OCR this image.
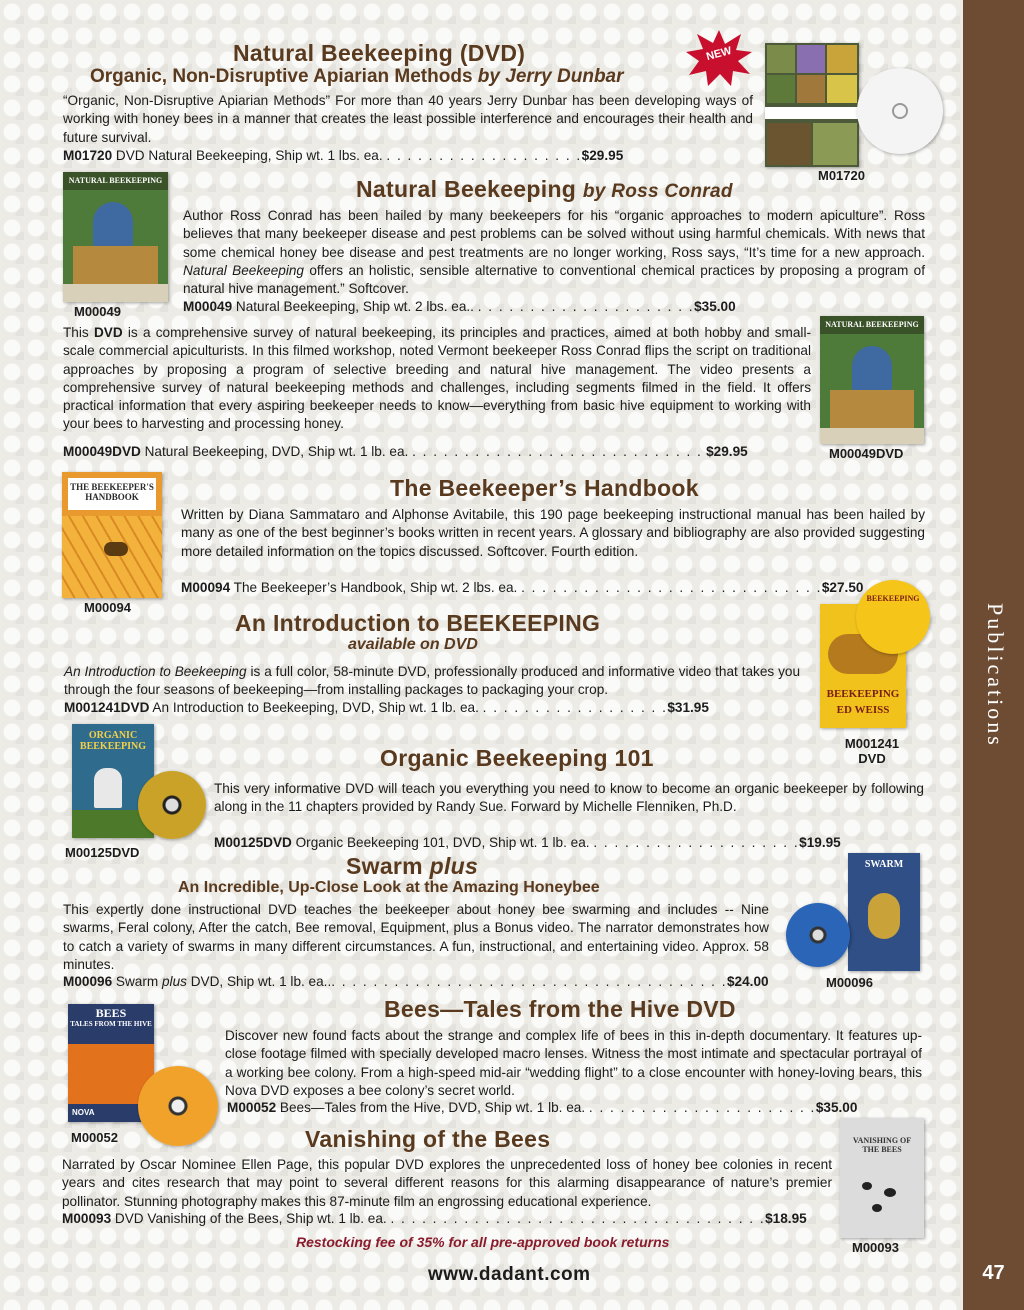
Publications
47
Natural Beekeeping (DVD)
Organic, Non-Disruptive Apiarian Methods by Jerry Dunbar
NEW
“Organic, Non-Disruptive Apiarian Methods” For more than 40 years Jerry Dunbar has been developing ways of working with honey bees in a manner that creates the least possible interference and encourages their health and future survival.
M01720 DVD Natural Beekeeping, Ship wt. 1 lbs. ea. . . . . . . . . . . . . . . . . . . .$29.95
M01720
NATURAL BEEKEEPING
M00049
Natural Beekeeping by Ross Conrad
Author Ross Conrad has been hailed by many beekeepers for his “organic approaches to modern apiculture”. Ross believes that many beekeeper disease and pest problems can be solved without using harmful chemicals. With news that some chemical honey bee disease and pest treatments are no longer working, Ross says, “It’s time for a new approach. Natural Beekeeping offers an holistic, sensible alternative to conventional chemical practices by proposing a program of natural hive management.” Softcover.
M00049 Natural Beekeeping, Ship wt. 2 lbs. ea.. . . . . . . . . . . . . . . . . . . . . .$35.00
This DVD is a comprehensive survey of natural beekeeping, its principles and practices, aimed at both hobby and small-scale commercial apiculturists. In this filmed workshop, noted Vermont beekeeper Ross Conrad flips the script on traditional approaches by proposing a program of selective breeding and natural hive management. The video presents a comprehensive survey of natural beekeeping methods and challenges, including segments filmed in the field. It offers practical information that every aspiring beekeeper needs to know—everything from basic hive equipment to working with your bees to harvesting and processing honey.
M00049DVD Natural Beekeeping, DVD, Ship wt. 1 lb. ea. . . . . . . . . . . . . . . . . . . . . . . . . . . . . $29.95
NATURAL BEEKEEPING
M00049DVD
THE BEEKEEPER'S HANDBOOK
M00094
The Beekeeper’s Handbook
Written by Diana Sammataro and Alphonse Avitabile, this 190 page beekeeping instructional manual has been hailed by many as one of the best beginner’s books written in recent years. A glossary and bibliography are also provided suggesting more detailed information on the topics discussed. Softcover. Fourth edition.
M00094 The Beekeeper’s Handbook, Ship wt. 2 lbs. ea. . . . . . . . . . . . . . . . . . . . . . . . . . . . . .$27.50
An Introduction to BEEKEEPING
available on DVD
An Introduction to Beekeeping is a full color, 58-minute DVD, professionally produced and informative video that takes you through the four seasons of beekeeping—from installing packages to packaging your crop.
M001241DVD An Introduction to Beekeeping, DVD, Ship wt. 1 lb. ea. . . . . . . . . . . . . . . . . . .$31.95
BEEKEEPING
ED WEISS
BEEKEEPING
M001241
DVD
ORGANIC BEEKEEPING
M00125DVD
Organic Beekeeping 101
This very informative DVD will teach you everything you need to know to become an organic beekeeper by following along in the 11 chapters provided by Randy Sue. Forward by Michelle Flenniken, Ph.D.
M00125DVD Organic Beekeeping 101, DVD, Ship wt. 1 lb. ea. . . . . . . . . . . . . . . . . . . . .$19.95
Swarm plus
An Incredible, Up-Close Look at the Amazing Honeybee
This expertly done instructional DVD teaches the beekeeper about honey bee swarming and includes -- Nine swarms, Feral colony, After the catch, Bee removal, Equipment, plus a Bonus video. The narrator demonstrates how to catch a variety of swarms in many different circumstances. A fun, instructional, and entertaining video. Approx. 58 minutes.
M00096 Swarm plus DVD, Ship wt. 1 lb. ea... . . . . . . . . . . . . . . . . . . . . . . . . . . . . . . . . . . . . .$24.00
SWARM
M00096
BEES
TALES FROM THE HIVE
NOVA
M00052
Bees—Tales from the Hive DVD
Discover new found facts about the strange and complex life of bees in this in-depth documentary. It features up-close footage filmed with specially developed macro lenses. Witness the most intimate and spectacular portrayal of a working bee colony. From a high-speed mid-air “wedding flight” to a close encounter with honey-loving bears, this Nova DVD exposes a bee colony’s secret world.
M00052 Bees—Tales from the Hive, DVD, Ship wt. 1 lb. ea. . . . . . . . . . . . . . . . . . . . . . .$35.00
Vanishing of the Bees
Narrated by Oscar Nominee Ellen Page, this popular DVD explores the unprecedented loss of honey bee colonies in recent years and cites research that may point to several different reasons for this alarming disappearance of nature’s premier pollinator. Stunning photography makes this 87-minute film an engrossing educational experience.
M00093 DVD Vanishing of the Bees, Ship wt. 1 lb. ea. . . . . . . . . . . . . . . . . . . . . . . . . . . . . . . . . . . . .$18.95
VANISHING OF THE BEES
M00093
Restocking fee of 35% for all pre-approved book returns
www.dadant.com
